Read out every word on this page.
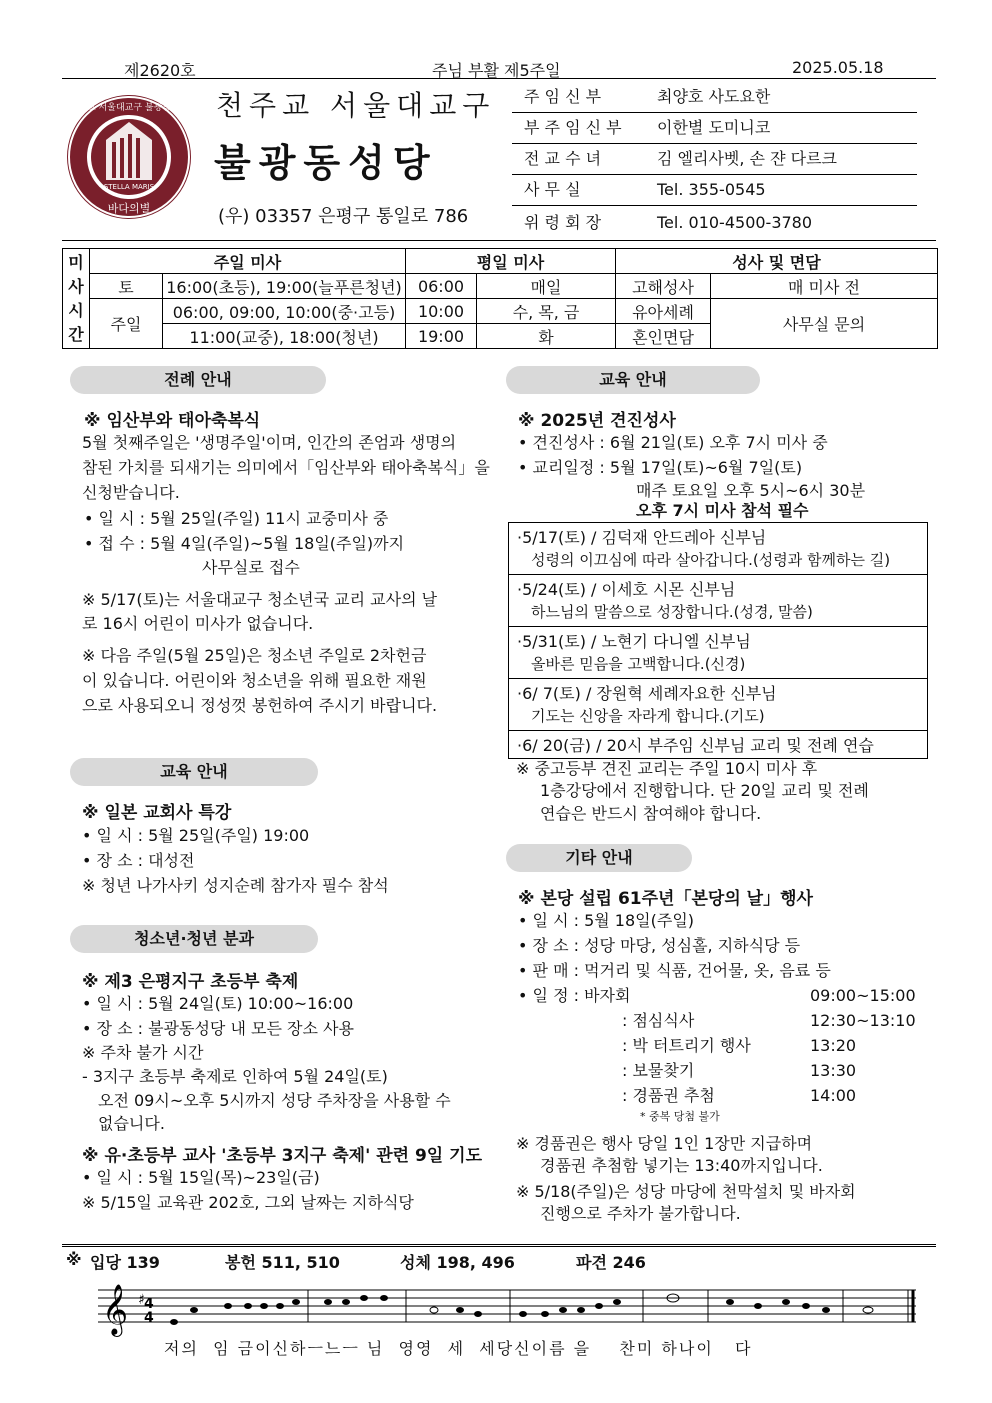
제2620호	주님 부활 제5주일	2025.05.18
STELLA MARIS
바다의별
천주교 서울대교구 불광동성당 천주교 서울대교구
불광동성당
(우) 03357 은평구 통일로 786
주 임 신 부	최양호 사도요한
부 주 임 신 부	이한별 도미니코
전 교 수 녀	김 엘리사벳, 손 쟌 다르크
사 무 실	Tel. 355-0545
위 령 회 장	Tel. 010-4500-3780
미
사
시
간	주일 미사		평일 미사		성사 및 면담	
	토	16:00(초등), 19:00(늘푸른청년)	06:00	매일	고해성사	매 미사 전
	주일	06:00, 09:00, 10:00(중·고등)	10:00	수, 목, 금	유아세례	사무실 문의
		11:00(교중), 18:00(청년)	19:00	화	혼인면담	
전례 안내
※ 임산부와 태아축복식
5월 첫째주일은 '생명주일'이며, 인간의 존엄과 생명의
참된 가치를 되새기는 의미에서「임산부와 태아축복식」을
신청받습니다.
• 일 시 : 5월 25일(주일) 11시 교중미사 중
• 접 수 : 5월 4일(주일)~5월 18일(주일)까지
사무실로 접수
※ 5/17(토)는 서울대교구 청소년국 교리 교사의 날
로 16시 어린이 미사가 없습니다.
※ 다음 주일(5월 25일)은 청소년 주일로 2차헌금
이 있습니다. 어린이와 청소년을 위해 필요한 재원
으로 사용되오니 정성껏 봉헌하여 주시기 바랍니다.
교육 안내
※ 일본 교회사 특강
• 일 시 : 5월 25일(주일) 19:00
• 장 소 : 대성전
※ 청년 나가사키 성지순례 참가자 필수 참석
청소년·청년 분과
※ 제3 은평지구 초등부 축제
• 일 시 : 5월 24일(토) 10:00~16:00
• 장 소 : 불광동성당 내 모든 장소 사용
※ 주차 불가 시간
- 3지구 초등부 축제로 인하여 5월 24일(토)
오전 09시~오후 5시까지 성당 주차장을 사용할 수
없습니다.
※ 유·초등부 교사 '초등부 3지구 축제' 관련 9일 기도
• 일 시 : 5월 15일(목)~23일(금)
※ 5/15일 교육관 202호, 그외 날짜는 지하식당
교육 안내
※ 2025년 견진성사
• 견진성사 : 6월 21일(토) 오후 7시 미사 중
• 교리일정 : 5월 17일(토)~6월 7일(토)
매주 토요일 오후 5시~6시 30분
오후 7시 미사 참석 필수
·5/17(토) / 김덕재 안드레아 신부님
성령의 이끄심에 따라 살아갑니다.(성령과 함께하는 길)
·5/24(토) / 이세호 시몬 신부님
하느님의 말씀으로 성장합니다.(성경, 말씀)
·5/31(토) / 노현기 다니엘 신부님
올바른 믿음을 고백합니다.(신경)
·6/ 7(토) / 장원혁 세례자요한 신부님
기도는 신앙을 자라게 합니다.(기도)
·6/ 20(금) / 20시 부주임 신부님 교리 및 전례 연습
※ 중고등부 견진 교리는 주일 10시 미사 후
1층강당에서 진행합니다. 단 20일 교리 및 전례
연습은 반드시 참여해야 합니다.
기타 안내
※ 본당 설립 61주년「본당의 날」행사
• 일 시 : 5월 18일(주일)
• 장 소 : 성당 마당, 성심홀, 지하식당 등
• 판 매 : 먹거리 및 식품, 건어물, 옷, 음료 등
• 일 정 : 바자회	09:00~15:00
: 점심식사	12:30~13:10
: 박 터트리기 행사	13:20
: 보물찾기	13:30
: 경품권 추첨	14:00
* 중복 당첨 불가
※ 경품권은 행사 당일 1인 1장만 지급하며
경품권 추첨함 넣기는 13:40까지입니다.
※ 5/18(주일)은 성당 마당에 천막설치 및 바자회
진행으로 주차가 불가합니다.
※ 입당 139	봉헌 511, 510	성체 198, 496	파견 246
𝄞 ♯ 4
4
저의  임 금이신하ㅡ느ㅡ 님  영영  세  세당신이름 을    찬미 하나이   다
